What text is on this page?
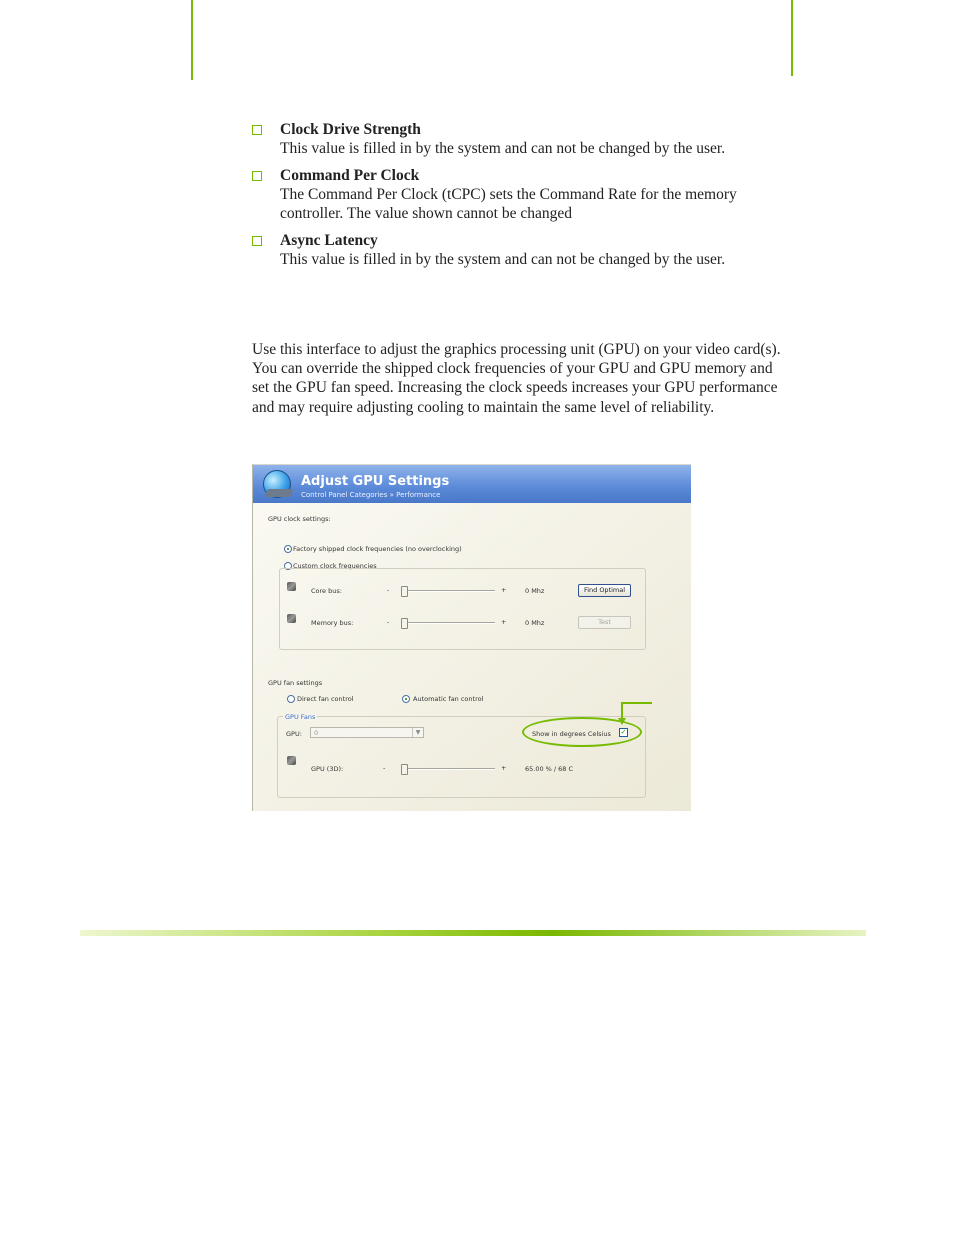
Clock Drive Strength
This value is filled in by the system and can not be changed by the user.
Command Per Clock
The Command Per Clock (tCPC) sets the Command Rate for the memory controller. The value shown cannot be changed
Async Latency
This value is filled in by the system and can not be changed by the user.
Use this interface to adjust the graphics processing unit (GPU) on your video card(s). You can override the shipped clock frequencies of your GPU and GPU memory and set the GPU fan speed. Increasing the clock speeds increases your GPU performance and may require adjusting cooling to maintain the same level of reliability.
Adjust GPU Settings
Control Panel Categories » Performance
GPU clock settings:
Factory shipped clock frequencies (no overclocking)
Custom clock frequencies
Core bus:	-	+	0 Mhz	Find Optimal
Memory bus:	-	+	0 Mhz	Test
GPU fan settings
Direct fan control	Automatic fan control
GPU Fans
GPU:	0	▼	Show in degrees Celsius ✓
GPU (3D):	-	+	65.00 % / 68 C
